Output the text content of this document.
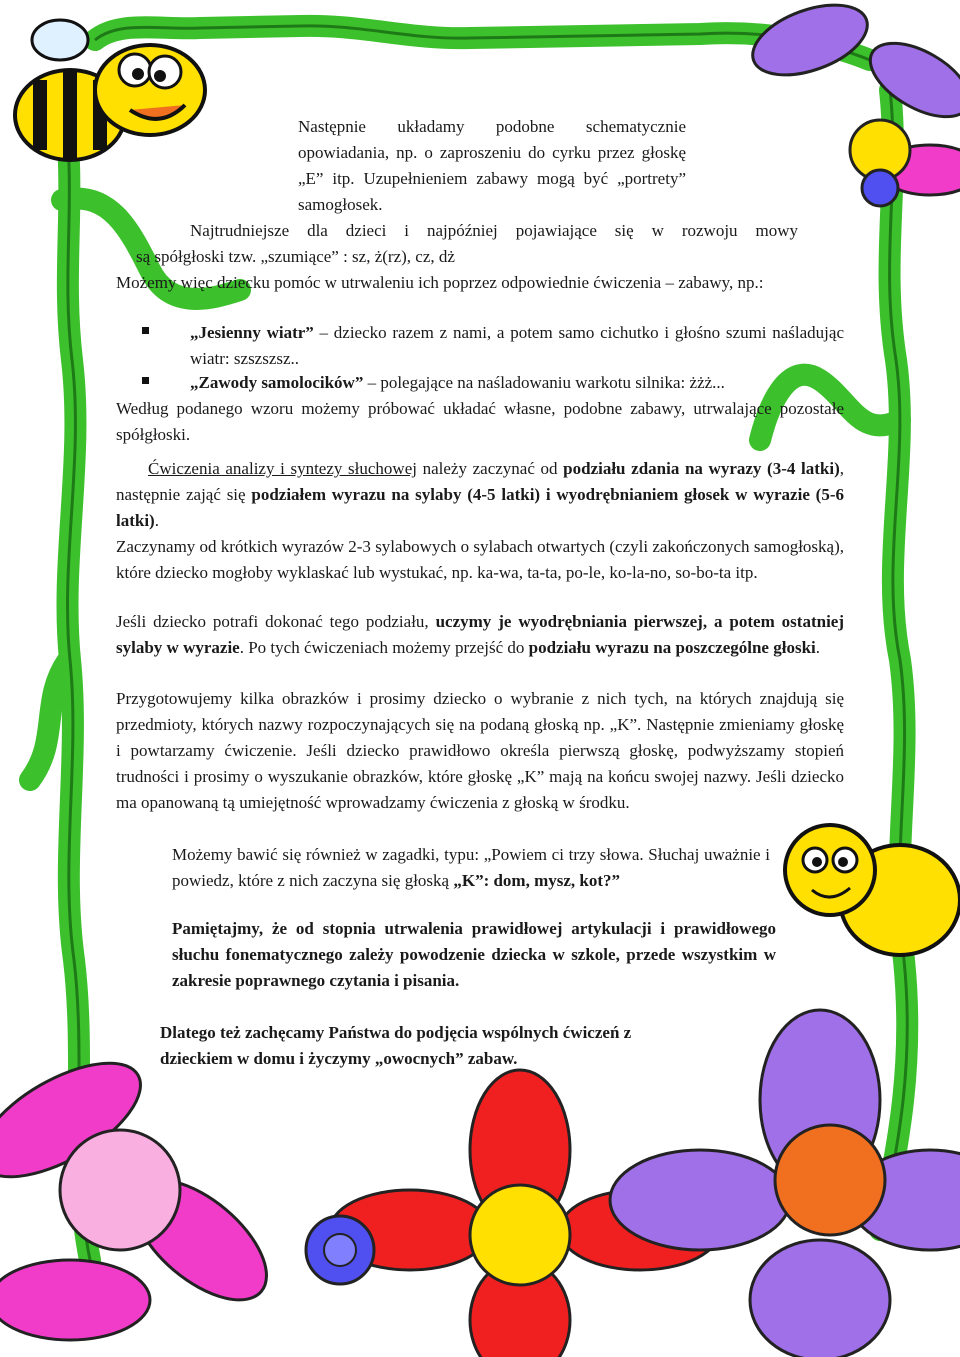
Następnie układamy podobne schematycznie opowiadania, np. o zaproszeniu do cyrku przez głoskę „E” itp. Uzupełnieniem zabawy mogą być „portrety” samogłosek.
Najtrudniejsze dla dzieci i najpóźniej pojawiające się w rozwoju mowy
są spółgłoski tzw. „szumiące” : sz, ż(rz), cz, dż
Możemy więc dziecku pomóc w utrwaleniu ich poprzez odpowiednie ćwiczenia – zabawy, np.:
„Jesienny wiatr” – dziecko razem z nami, a potem samo cichutko i głośno szumi naśladując wiatr: szszszsz..
„Zawody samolocików” – polegające na naśladowaniu warkotu silnika: żżż...
Według podanego wzoru możemy próbować układać własne, podobne zabawy, utrwalające pozostałe spółgłoski.
Ćwiczenia analizy i syntezy słuchowej należy zaczynać od podziału zdania na wyrazy (3-4 latki), następnie zająć się podziałem wyrazu na sylaby (4-5 latki) i wyodrębnianiem głosek w wyrazie (5-6 latki).
Zaczynamy od krótkich wyrazów 2-3 sylabowych o sylabach otwartych (czyli zakończonych samogłoską), które dziecko mogłoby wyklaskać lub wystukać, np. ka-wa, ta-ta, po-le, ko-la-no, so-bo-ta itp.
Jeśli dziecko potrafi dokonać tego podziału, uczymy je wyodrębniania pierwszej, a potem ostatniej sylaby w wyrazie. Po tych ćwiczeniach możemy przejść do podziału wyrazu na poszczególne głoski.
Przygotowujemy kilka obrazków i prosimy dziecko o wybranie z nich tych, na których znajdują się przedmioty, których nazwy rozpoczynających się na podaną głoską np. „K”. Następnie zmieniamy głoskę i powtarzamy ćwiczenie. Jeśli dziecko prawidłowo określa pierwszą głoskę, podwyższamy stopień trudności i prosimy o wyszukanie obrazków, które głoskę „K” mają na końcu swojej nazwy. Jeśli dziecko ma opanowaną tą umiejętność wprowadzamy ćwiczenia z głoską w środku.
Możemy bawić się również w zagadki, typu: „Powiem ci trzy słowa. Słuchaj uważnie i powiedz, które z nich zaczyna się głoską „K”: dom, mysz, kot?”
Pamiętajmy, że od stopnia utrwalenia prawidłowej artykulacji i prawidłowego słuchu fonematycznego zależy powodzenie dziecka w szkole, przede wszystkim w zakresie poprawnego czytania i pisania.
Dlatego też zachęcamy Państwa do podjęcia wspólnych ćwiczeń z dzieckiem w domu i życzymy „owocnych” zabaw.
